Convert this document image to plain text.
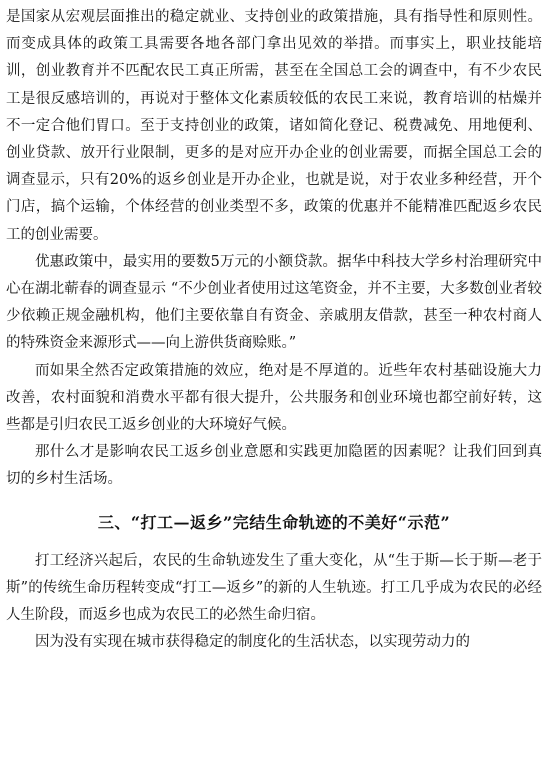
是国家从宏观层面推出的稳定就业、支持创业的政策措施，具有指导性和原则性。而变成具体的政策工具需要各地各部门拿出见效的举措。而事实上，职业技能培训，创业教育并不匹配农民工真正所需，甚至在全国总工会的调查中，有不少农民工是很反感培训的，再说对于整体文化素质较低的农民工来说，教育培训的枯燥并不一定合他们胃口。至于支持创业的政策，诸如简化登记、税费减免、用地便利、创业贷款、放开行业限制，更多的是对应开办企业的创业需要，而据全国总工会的调查显示，只有20%的返乡创业是开办企业，也就是说，对于农业多种经营，开个门店，搞个运输，个体经营的创业类型不多，政策的优惠并不能精准匹配返乡农民工的创业需要。

优惠政策中，最实用的要数5万元的小额贷款。据华中科技大学乡村治理研究中心在湖北蕲春的调查显示 “不少创业者使用过这笔资金，并不主要，大多数创业者较少依赖正规金融机构，他们主要依靠自有资金、亲戚朋友借款，甚至一种农村商人的特殊资金来源形式——向上游供货商赊账。”

而如果全然否定政策措施的效应，绝对是不厚道的。近些年农村基础设施大力改善，农村面貌和消费水平都有很大提升，公共服务和创业环境也都空前好转，这些都是引归农民工返乡创业的大环境好气候。

那什么才是影响农民工返乡创业意愿和实践更加隐匿的因素呢？让我们回到真切的乡村生活场。

三、“打工—返乡”完结生命轨迹的不美好“示范”

打工经济兴起后，农民的生命轨迹发生了重大变化，从“生于斯—长于斯—老于斯”的传统生命历程转变成“打工—返乡”的新的人生轨迹。打工几乎成为农民的必经人生阶段，而返乡也成为农民工的必然生命归宿。

因为没有实现在城市获得稳定的制度化的生活状态，以实现劳动力的
